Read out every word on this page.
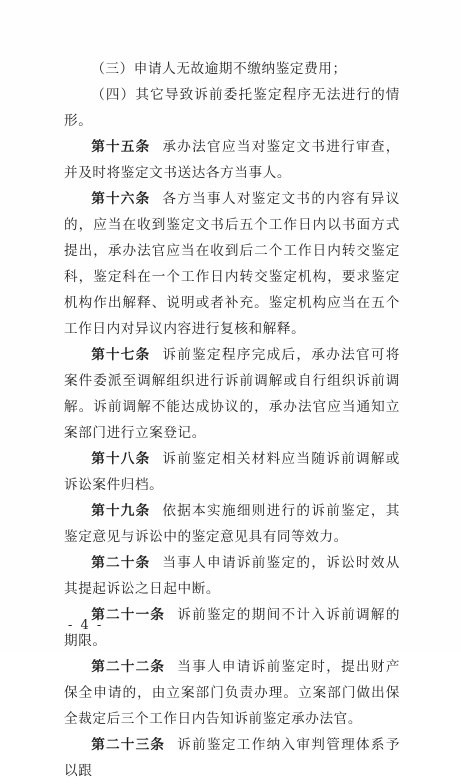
（三）申请人无故逾期不缴纳鉴定费用；

（四）其它导致诉前委托鉴定程序无法进行的情形。

第十五条 承办法官应当对鉴定文书进行审查，并及时将鉴定文书送达各方当事人。

第十六条 各方当事人对鉴定文书的内容有异议的，应当在收到鉴定文书后五个工作日内以书面方式提出，承办法官应当在收到后二个工作日内转交鉴定科，鉴定科在一个工作日内转交鉴定机构，要求鉴定机构作出解释、说明或者补充。鉴定机构应当在五个工作日内对异议内容进行复核和解释。

第十七条 诉前鉴定程序完成后，承办法官可将案件委派至调解组织进行诉前调解或自行组织诉前调解。诉前调解不能达成协议的，承办法官应当通知立案部门进行立案登记。

第十八条 诉前鉴定相关材料应当随诉前调解或诉讼案件归档。

第十九条 依据本实施细则进行的诉前鉴定，其鉴定意见与诉讼中的鉴定意见具有同等效力。

第二十条 当事人申请诉前鉴定的，诉讼时效从其提起诉讼之日起中断。

第二十一条 诉前鉴定的期间不计入诉前调解的期限。

第二十二条 当事人申请诉前鉴定时，提出财产保全申请的，由立案部门负责办理。立案部门做出保全裁定后三个工作日内告知诉前鉴定承办法官。

第二十三条 诉前鉴定工作纳入审判管理体系予以跟

- 4 -
